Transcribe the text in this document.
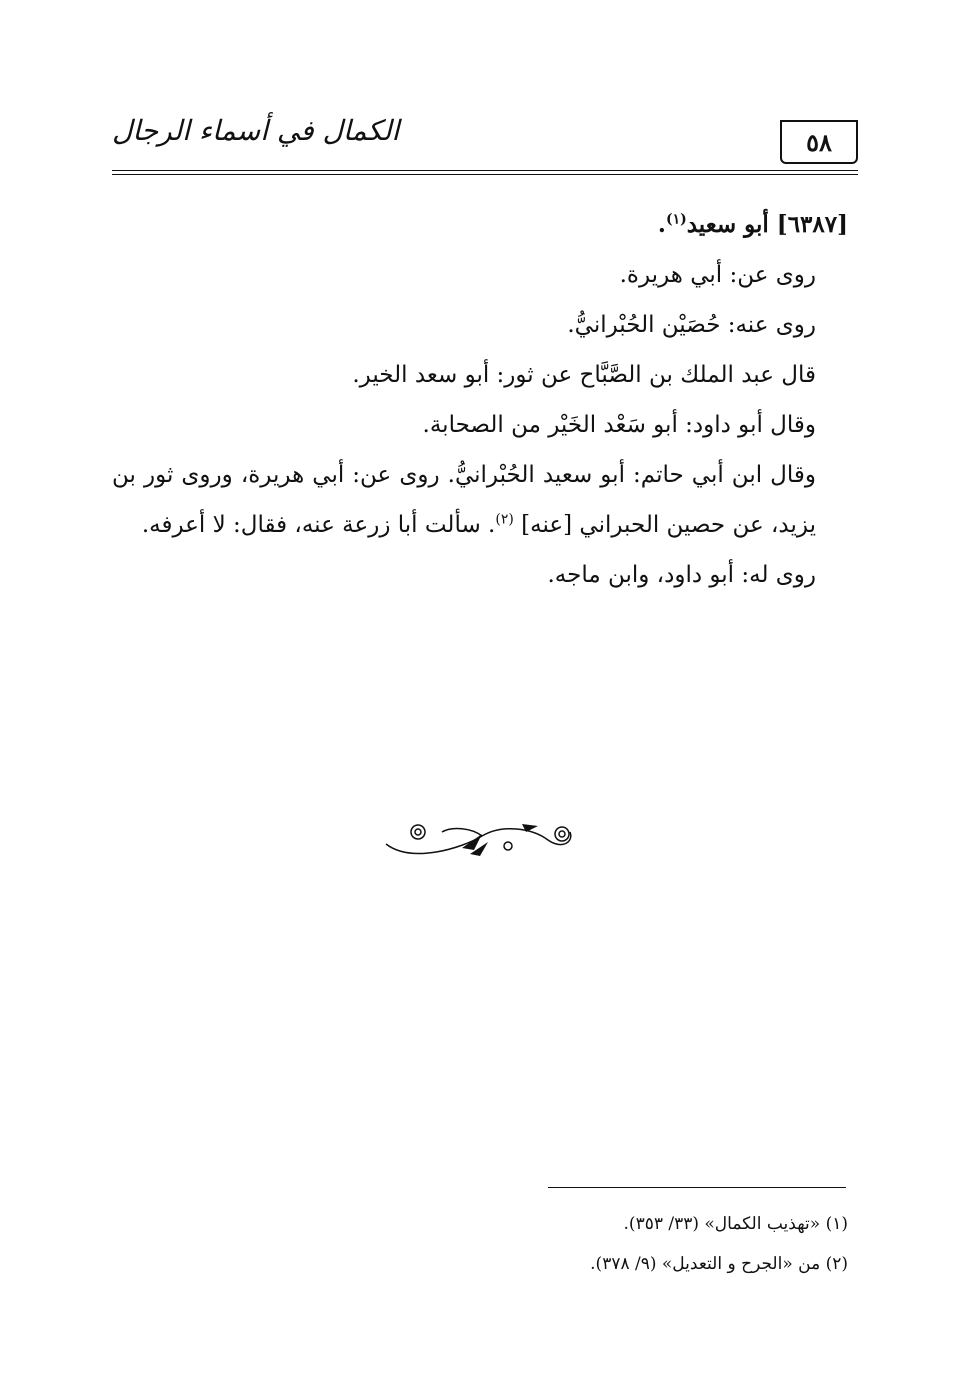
٥٨
الكمال في أسماء الرجال
[٦٣٨٧] أبو سعيد$^{(١)}$.
روى عن: أبي هريرة.
روى عنه: حُصَيْن الحُبْرانيُّ.
قال عبد الملك بن الصَّبَّاح عن ثور: أبو سعد الخير.
وقال أبو داود: أبو سَعْد الخَيْر من الصحابة.
وقال ابن أبي حاتم: أبو سعيد الحُبْرانيُّ. روى عن: أبي هريرة، وروى ثور بن يزيد، عن حصين الحبراني [عنه] $^{(٢)}$. سألت أبا زرعة عنه، فقال: لا أعرفه.
روى له: أبو داود، وابن ماجه.
(١) «تهذيب الكمال» (٣٣/ ٣٥٣).
(٢) من «الجرح و التعديل» (٩/ ٣٧٨).
